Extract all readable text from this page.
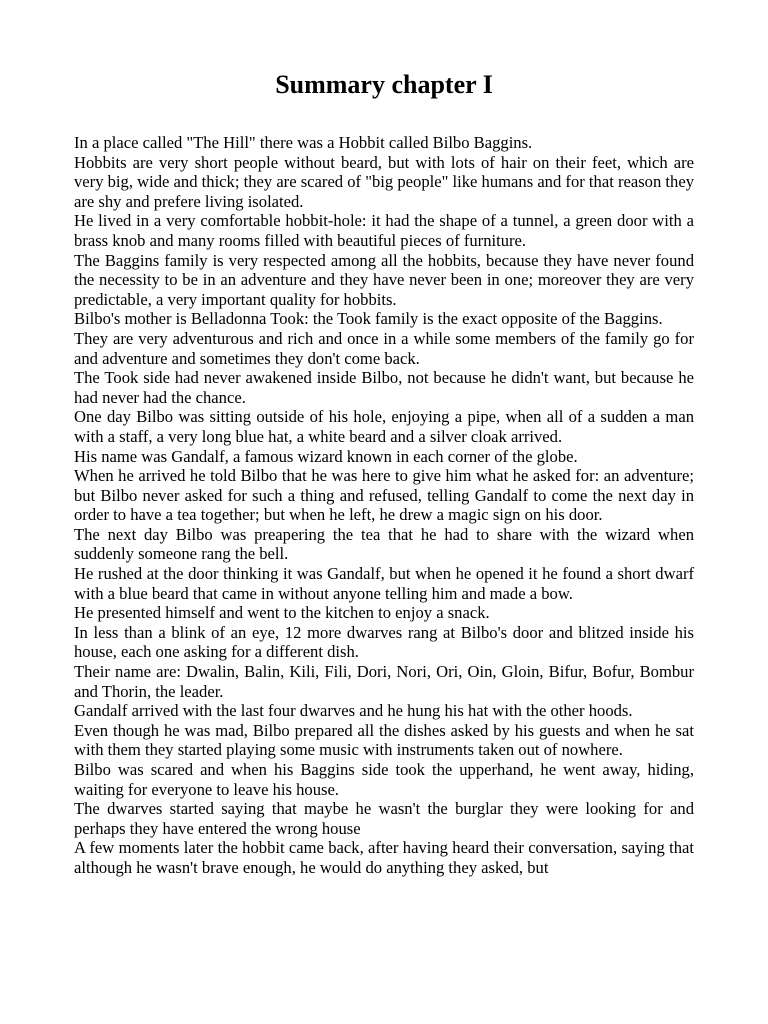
Summary chapter I

In a place called "The Hill" there was a Hobbit called Bilbo Baggins.

Hobbits are very short people without beard, but with lots of hair on their feet, which are very big, wide and thick; they are scared of "big people" like humans and for that reason they are shy and prefere living isolated.

He lived in a very comfortable hobbit-hole: it had the shape of a tunnel, a green door with a brass knob and many rooms filled with beautiful pieces of furniture.

The Baggins family is very respected among all the hobbits, because they have never found the necessity to be in an adventure and they have never been in one; moreover they are very predictable, a very important quality for hobbits.

Bilbo's mother is Belladonna Took: the Took family is the exact opposite of the Baggins.

They are very adventurous and rich and once in a while some members of the family go for and adventure and sometimes they don't come back.

The Took side had never awakened inside Bilbo, not because he didn't want, but because he had never had the chance.

One day Bilbo was sitting outside of his hole, enjoying a pipe, when all of a sudden a man with a staff, a very long blue hat, a white beard and a silver cloak arrived.

His name was Gandalf, a famous wizard known in each corner of the globe.

When he arrived he told Bilbo that he was here to give him what he asked for: an adventure; but Bilbo never asked for such a thing and refused, telling Gandalf to come the next day in order to have a tea together; but when he left, he drew a magic sign on his door.

The next day Bilbo was preapering the tea that he had to share with the wizard when suddenly someone rang the bell.

He rushed at the door thinking it was Gandalf, but when he opened it he found a short dwarf with a blue beard that came in without anyone telling him and made a bow.

He presented himself and went to the kitchen to enjoy a snack.

In less than a blink of an eye, 12 more dwarves rang at Bilbo's door and blitzed inside his house, each one asking for a different dish.

Their name are: Dwalin, Balin, Kili, Fili, Dori, Nori, Ori, Oin, Gloin, Bifur, Bofur, Bombur and Thorin, the leader.

Gandalf arrived with the last four dwarves and he hung his hat with the other hoods.

Even though he was mad, Bilbo prepared all the dishes asked by his guests and when he sat with them they started playing some music with instruments taken out of nowhere.

Bilbo was scared and when his Baggins side took the upperhand, he went away, hiding, waiting for everyone to leave his house.

The dwarves started saying that maybe he wasn't the burglar they were looking for and perhaps they have entered the wrong house

A few moments later the hobbit came back, after having heard their conversation, saying that although he wasn't brave enough, he would do anything they asked, but
